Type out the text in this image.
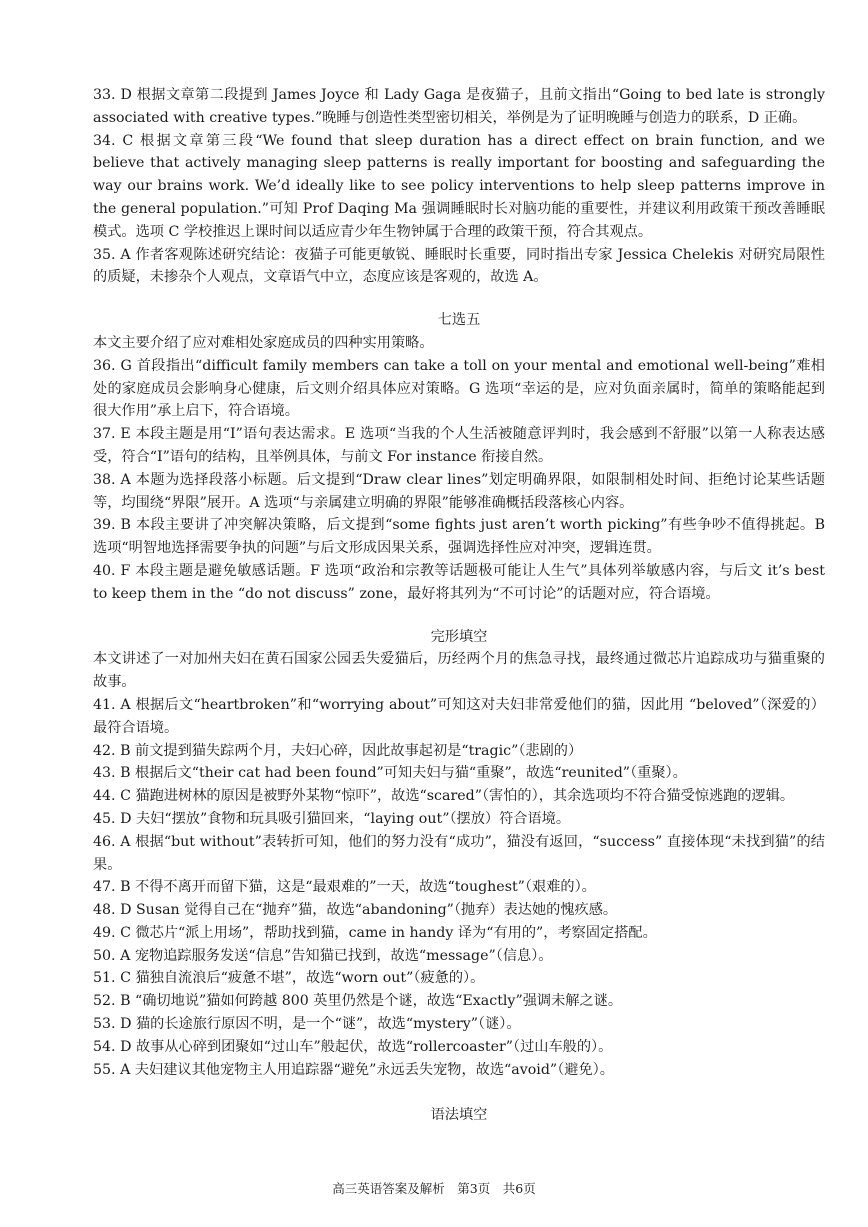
33. D 根据文章第二段提到 James Joyce 和 Lady Gaga 是夜猫子，且前文指出“Going to bed late is strongly associated with creative types.”晚睡与创造性类型密切相关，举例是为了证明晚睡与创造力的联系，D 正确。

34. C 根据文章第三段“We found that sleep duration has a direct effect on brain function, and we believe that actively managing sleep patterns is really important for boosting and safeguarding the way our brains work. We’d ideally like to see policy interventions to help sleep patterns improve in the general population.”可知 Prof Daqing Ma 强调睡眠时长对脑功能的重要性，并建议利用政策干预改善睡眠模式。选项 C 学校推迟上课时间以适应青少年生物钟属于合理的政策干预，符合其观点。

35. A 作者客观陈述研究结论：夜猫子可能更敏锐、睡眠时长重要，同时指出专家 Jessica Chelekis 对研究局限性的质疑，未掺杂个人观点，文章语气中立，态度应该是客观的，故选 A。

七选五

本文主要介绍了应对难相处家庭成员的四种实用策略。

36. G 首段指出“difficult family members can take a toll on your mental and emotional well-being”难相处的家庭成员会影响身心健康，后文则介绍具体应对策略。G 选项“幸运的是，应对负面亲属时，简单的策略能起到很大作用”承上启下，符合语境。

37. E 本段主题是用“I”语句表达需求。E 选项“当我的个人生活被随意评判时，我会感到不舒服”以第一人称表达感受，符合“I”语句的结构，且举例具体，与前文 For instance 衔接自然。

38. A 本题为选择段落小标题。后文提到“Draw clear lines”划定明确界限，如限制相处时间、拒绝讨论某些话题等，均围绕“界限”展开。A 选项“与亲属建立明确的界限”能够准确概括段落核心内容。

39. B 本段主要讲了冲突解决策略，后文提到“some fights just aren’t worth picking”有些争吵不值得挑起。B 选项“明智地选择需要争执的问题”与后文形成因果关系，强调选择性应对冲突，逻辑连贯。

40. F 本段主题是避免敏感话题。F 选项“政治和宗教等话题极可能让人生气”具体列举敏感内容，与后文 it’s best to keep them in the “do not discuss” zone，最好将其列为“不可讨论”的话题对应，符合语境。

完形填空

本文讲述了一对加州夫妇在黄石国家公园丢失爱猫后，历经两个月的焦急寻找，最终通过微芯片追踪成功与猫重聚的故事。

41. A 根据后文“heartbroken”和“worrying about”可知这对夫妇非常爱他们的猫，因此用 “beloved”（深爱的）最符合语境。

42. B 前文提到猫失踪两个月，夫妇心碎，因此故事起初是“tragic”（悲剧的）

43. B 根据后文“their cat had been found”可知夫妇与猫“重聚”，故选“reunited”（重聚）。

44. C 猫跑进树林的原因是被野外某物“惊吓”，故选“scared”（害怕的），其余选项均不符合猫受惊逃跑的逻辑。

45. D 夫妇“摆放”食物和玩具吸引猫回来，“laying out”（摆放）符合语境。

46. A 根据“but without”表转折可知，他们的努力没有“成功”，猫没有返回，“success” 直接体现“未找到猫”的结果。

47. B 不得不离开而留下猫，这是“最艰难的”一天，故选“toughest”（艰难的）。

48. D Susan 觉得自己在“抛弃”猫，故选“abandoning”（抛弃）表达她的愧疚感。

49. C 微芯片“派上用场”，帮助找到猫，came in handy 译为“有用的”，考察固定搭配。

50. A 宠物追踪服务发送“信息”告知猫已找到，故选“message”（信息）。

51. C 猫独自流浪后“疲惫不堪”，故选“worn out”（疲惫的）。

52. B “确切地说”猫如何跨越 800 英里仍然是个谜，故选“Exactly”强调未解之谜。

53. D 猫的长途旅行原因不明，是一个“谜”，故选“mystery”（谜）。

54. D 故事从心碎到团聚如“过山车”般起伏，故选“rollercoaster”（过山车般的）。

55. A 夫妇建议其他宠物主人用追踪器“避免”永远丢失宠物，故选“avoid”（避免）。

语法填空

高三英语答案及解析　第3页　共6页
